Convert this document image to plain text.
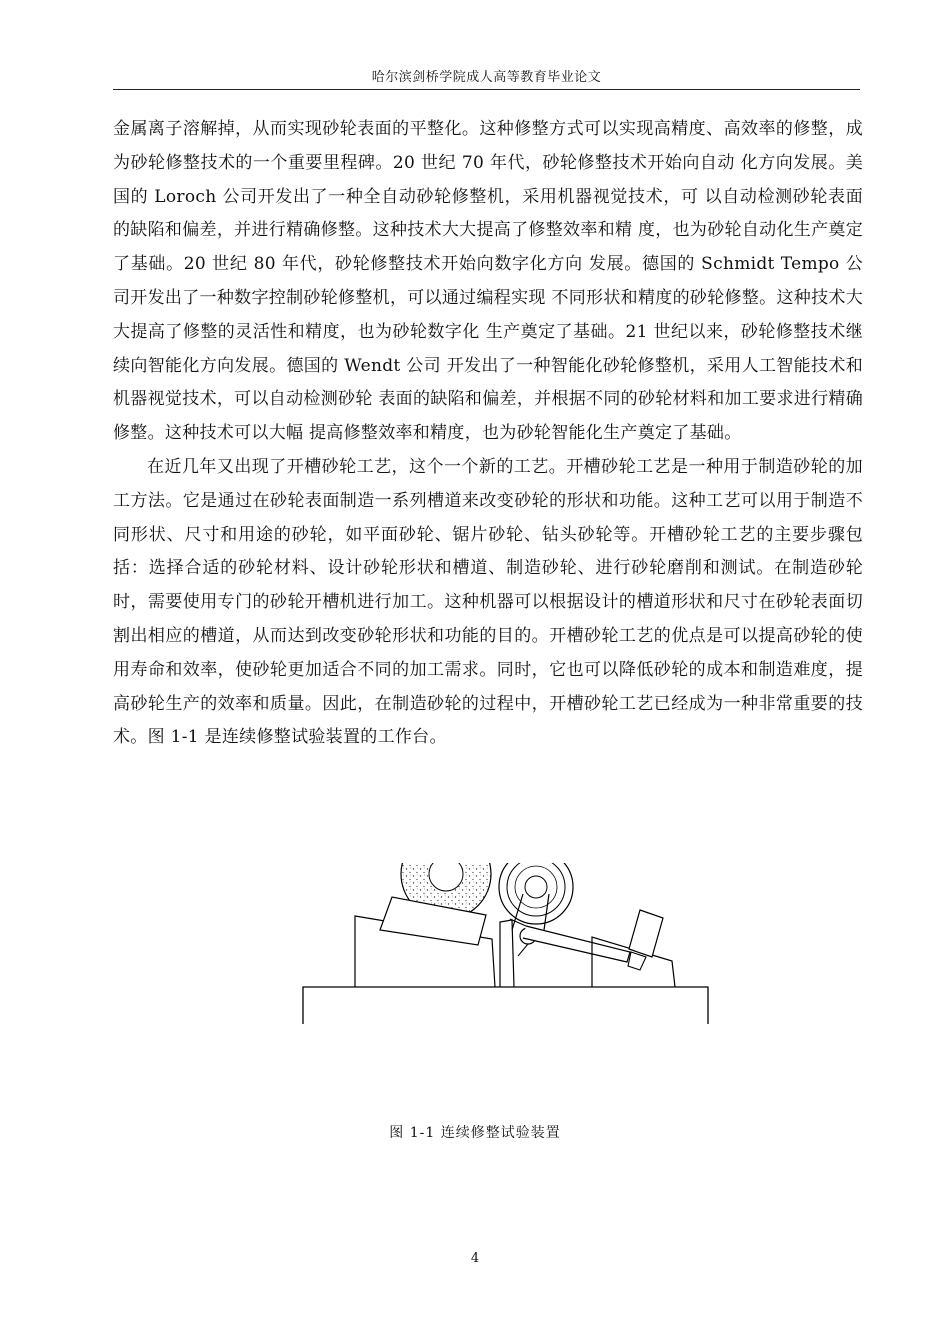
哈尔滨剑桥学院成人高等教育毕业论文

金属离子溶解掉，从而实现砂轮表面的平整化。这种修整方式可以实现高精度、高效率的修整，成为砂轮修整技术的一个重要里程碑。20 世纪 70 年代，砂轮修整技术开始向自动 化方向发展。美国的 Loroch 公司开发出了一种全自动砂轮修整机，采用机器视觉技术，可 以自动检测砂轮表面的缺陷和偏差，并进行精确修整。这种技术大大提高了修整效率和精 度，也为砂轮自动化生产奠定了基础。20 世纪 80 年代，砂轮修整技术开始向数字化方向 发展。德国的 Schmidt Tempo 公司开发出了一种数字控制砂轮修整机，可以通过编程实现 不同形状和精度的砂轮修整。这种技术大大提高了修整的灵活性和精度，也为砂轮数字化 生产奠定了基础。21 世纪以来，砂轮修整技术继续向智能化方向发展。德国的 Wendt 公司 开发出了一种智能化砂轮修整机，采用人工智能技术和机器视觉技术，可以自动检测砂轮 表面的缺陷和偏差，并根据不同的砂轮材料和加工要求进行精确修整。这种技术可以大幅 提高修整效率和精度，也为砂轮智能化生产奠定了基础。

在近几年又出现了开槽砂轮工艺，这个一个新的工艺。开槽砂轮工艺是一种用于制造砂轮的加工方法。它是通过在砂轮表面制造一系列槽道来改变砂轮的形状和功能。这种工艺可以用于制造不同形状、尺寸和用途的砂轮，如平面砂轮、锯片砂轮、钻头砂轮等。开槽砂轮工艺的主要步骤包括：选择合适的砂轮材料、设计砂轮形状和槽道、制造砂轮、进行砂轮磨削和测试。在制造砂轮时，需要使用专门的砂轮开槽机进行加工。这种机器可以根据设计的槽道形状和尺寸在砂轮表面切割出相应的槽道，从而达到改变砂轮形状和功能的目的。开槽砂轮工艺的优点是可以提高砂轮的使用寿命和效率，使砂轮更加适合不同的加工需求。同时，它也可以降低砂轮的成本和制造难度，提高砂轮生产的效率和质量。因此，在制造砂轮的过程中，开槽砂轮工艺已经成为一种非常重要的技术。图 1-1 是连续修整试验装置的工作台。

图 1-1 连续修整试验装置
4
